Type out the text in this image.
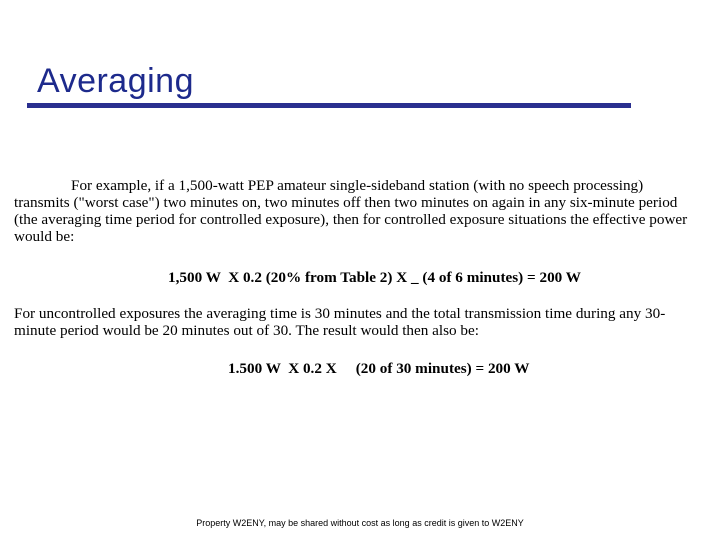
Averaging
For example, if a 1,500-watt PEP amateur single-sideband station (with no speech processing) transmits ("worst case") two minutes on, two minutes off then two minutes on again in any six-minute period (the averaging time period for controlled exposure), then for controlled exposure situations the effective power would be:
1,500 W  X 0.2 (20% from Table 2) X _ (4 of 6 minutes) = 200 W
For uncontrolled exposures the averaging time is 30 minutes and the total transmission time during any 30-minute period would be 20 minutes out of 30. The result would then also be:
1.500 W  X 0.2 X     (20 of 30 minutes) = 200 W
Property W2ENY, may be shared without cost as long as credit is given to W2ENY
